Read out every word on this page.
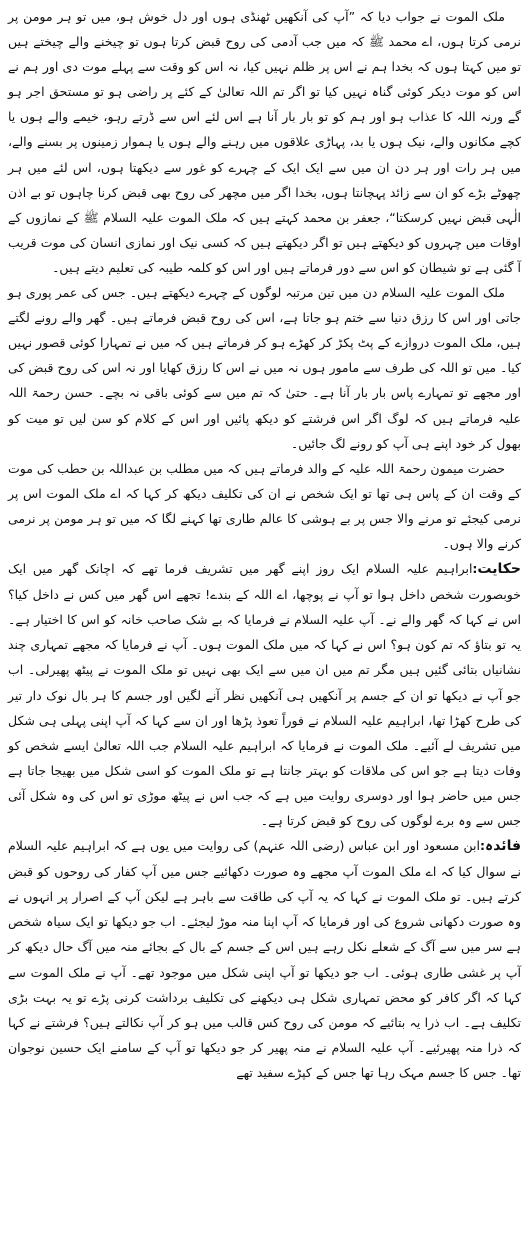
ملک الموت نے جواب دیا کہ ”آپ کی آنکھیں ٹھنڈی ہوں اور دل خوش ہو، میں تو ہر مومن پر نرمی کرتا ہوں، اے محمد ﷺ کہ میں جب آدمی کی روح قبض کرتا ہوں تو چیخنے والے چیختے ہیں تو میں کہتا ہوں کہ بخدا ہم نے اس پر ظلم نہیں کیا، نہ اس کو وقت سے پہلے موت دی اور ہم نے اس کو موت دیکر کوئی گناہ نہیں کیا تو اگر تم اللہ تعالیٰ کے کئے پر راضی ہو تو مستحق اجر ہو گے ورنہ اللہ کا عذاب ہو اور ہم کو تو بار بار آنا ہے اس لئے اس سے ڈرتے رہو، خیمے والے ہوں یا کچے مکانوں والے، نیک ہوں یا بد، پہاڑی علاقوں میں رہنے والے ہوں یا ہموار زمینوں پر بسنے والے، میں ہر رات اور ہر دن ان میں سے ایک ایک کے چہرے کو غور سے دیکھتا ہوں، اس لئے میں ہر چھوٹے بڑے کو ان سے زائد پہچانتا ہوں، بخدا اگر میں مچھر کی روح بھی قبض کرنا چاہوں تو بے اذن الٰہی قبض نہیں کرسکتا“، جعفر بن محمد کہتے ہیں کہ ملک الموت علیہ السلام ﷺ کے نمازوں کے اوقات میں چہروں کو دیکھتے ہیں تو اگر دیکھتے ہیں کہ کسی نیک اور نمازی انسان کی موت قریب آ گئی ہے تو شیطان کو اس سے دور فرماتے ہیں اور اس کو کلمہ طیبہ کی تعلیم دیتے ہیں۔

ملک الموت علیہ السلام دن میں تین مرتبہ لوگوں کے چہرے دیکھتے ہیں۔ جس کی عمر پوری ہو جاتی اور اس کا رزق دنیا سے ختم ہو جاتا ہے، اس کی روح قبض فرماتے ہیں۔ گھر والے رونے لگتے ہیں، ملک الموت دروازے کے پٹ پکڑ کر کھڑے ہو کر فرماتے ہیں کہ میں نے تمہارا کوئی قصور نہیں کیا۔ میں تو اللہ کی طرف سے مامور ہوں نہ میں نے اس کا رزق کھایا اور نہ اس کی روح قبض کی اور مجھے تو تمہارے پاس بار بار آنا ہے۔ حتیٰ کہ تم میں سے کوئی باقی نہ بچے۔ حسن رحمۃ اللہ علیہ فرماتے ہیں کہ لوگ اگر اس فرشتے کو دیکھ پائیں اور اس کے کلام کو سن لیں تو میت کو بھول کر خود اپنے ہی آپ کو رونے لگ جائیں۔

حضرت میمون رحمۃ اللہ علیہ کے والد فرماتے ہیں کہ میں مطلب بن عبداللہ بن حطب کی موت کے وقت ان کے پاس ہی تھا تو ایک شخص نے ان کی تکلیف دیکھ کر کہا کہ اے ملک الموت اس پر نرمی کیجئے تو مرنے والا جس پر بے ہوشی کا عالم طاری تھا کہنے لگا کہ میں تو ہر مومن پر نرمی کرنے والا ہوں۔

حکایت:ابراہیم علیہ السلام ایک روز اپنے گھر میں تشریف فرما تھے کہ اچانک گھر میں ایک خوبصورت شخص داخل ہوا تو آپ نے پوچھا، اے اللہ کے بندے! تجھے اس گھر میں کس نے داخل کیا؟ اس نے کہا کہ گھر والے نے۔ آپ علیہ السلام نے فرمایا کہ بے شک صاحب خانہ کو اس کا اختیار ہے۔ یہ تو بتاؤ کہ تم کون ہو؟ اس نے کہا کہ میں ملک الموت ہوں۔ آپ نے فرمایا کہ مجھے تمہاری چند نشانیاں بتائی گئیں ہیں مگر تم میں ان میں سے ایک بھی نہیں تو ملک الموت نے پیٹھ پھیرلی۔ اب جو آپ نے دیکھا تو ان کے جسم پر آنکھیں ہی آنکھیں نظر آنے لگیں اور جسم کا ہر بال نوک دار تیر کی طرح کھڑا تھا، ابراہیم علیہ السلام نے فوراً تعوذ پڑھا اور ان سے کہا کہ آپ اپنی پہلی ہی شکل میں تشریف لے آئیے۔ ملک الموت نے فرمایا کہ ابراہیم علیہ السلام جب اللہ تعالیٰ ایسے شخص کو وفات دیتا ہے جو اس کی ملاقات کو بہتر جانتا ہے تو ملک الموت کو اسی شکل میں بھیجا جاتا ہے جس میں حاضر ہوا اور دوسری روایت میں ہے کہ جب اس نے پیٹھ موڑی تو اس کی وہ شکل آئی جس سے وہ برے لوگوں کی روح کو قبض کرتا ہے۔

فائدہ:ابن مسعود اور ابن عباس (رضی اللہ عنہم) کی روایت میں یوں ہے کہ ابراہیم علیہ السلام نے سوال کیا کہ اے ملک الموت آپ مجھے وہ صورت دکھائیے جس میں آپ کفار کی روحوں کو قبض کرتے ہیں۔ تو ملک الموت نے کہا کہ یہ آپ کی طاقت سے باہر ہے لیکن آپ کے اصرار پر انہوں نے وہ صورت دکھانی شروع کی اور فرمایا کہ آپ اپنا منہ موڑ لیجئے۔ اب جو دیکھا تو ایک سیاہ شخص ہے سر میں سے آگ کے شعلے نکل رہے ہیں اس کے جسم کے بال کے بجائے منہ میں آگ حال دیکھ کر آپ پر غشی طاری ہوئی۔ اب جو دیکھا تو آپ اپنی شکل میں موجود تھے۔ آپ نے ملک الموت سے کہا کہ اگر کافر کو محض تمہاری شکل ہی دیکھنے کی تکلیف برداشت کرنی پڑے تو یہ بہت بڑی تکلیف ہے۔ اب ذرا یہ بتائیے کہ مومن کی روح کس قالب میں ہو کر آپ نکالتے ہیں؟ فرشتے نے کہا کہ ذرا منہ پھیرئیے۔ آپ علیہ السلام نے منہ پھیر کر جو دیکھا تو آپ کے سامنے ایک حسین نوجوان تھا۔ جس کا جسم مہک رہا تھا جس کے کپڑے سفید تھے
